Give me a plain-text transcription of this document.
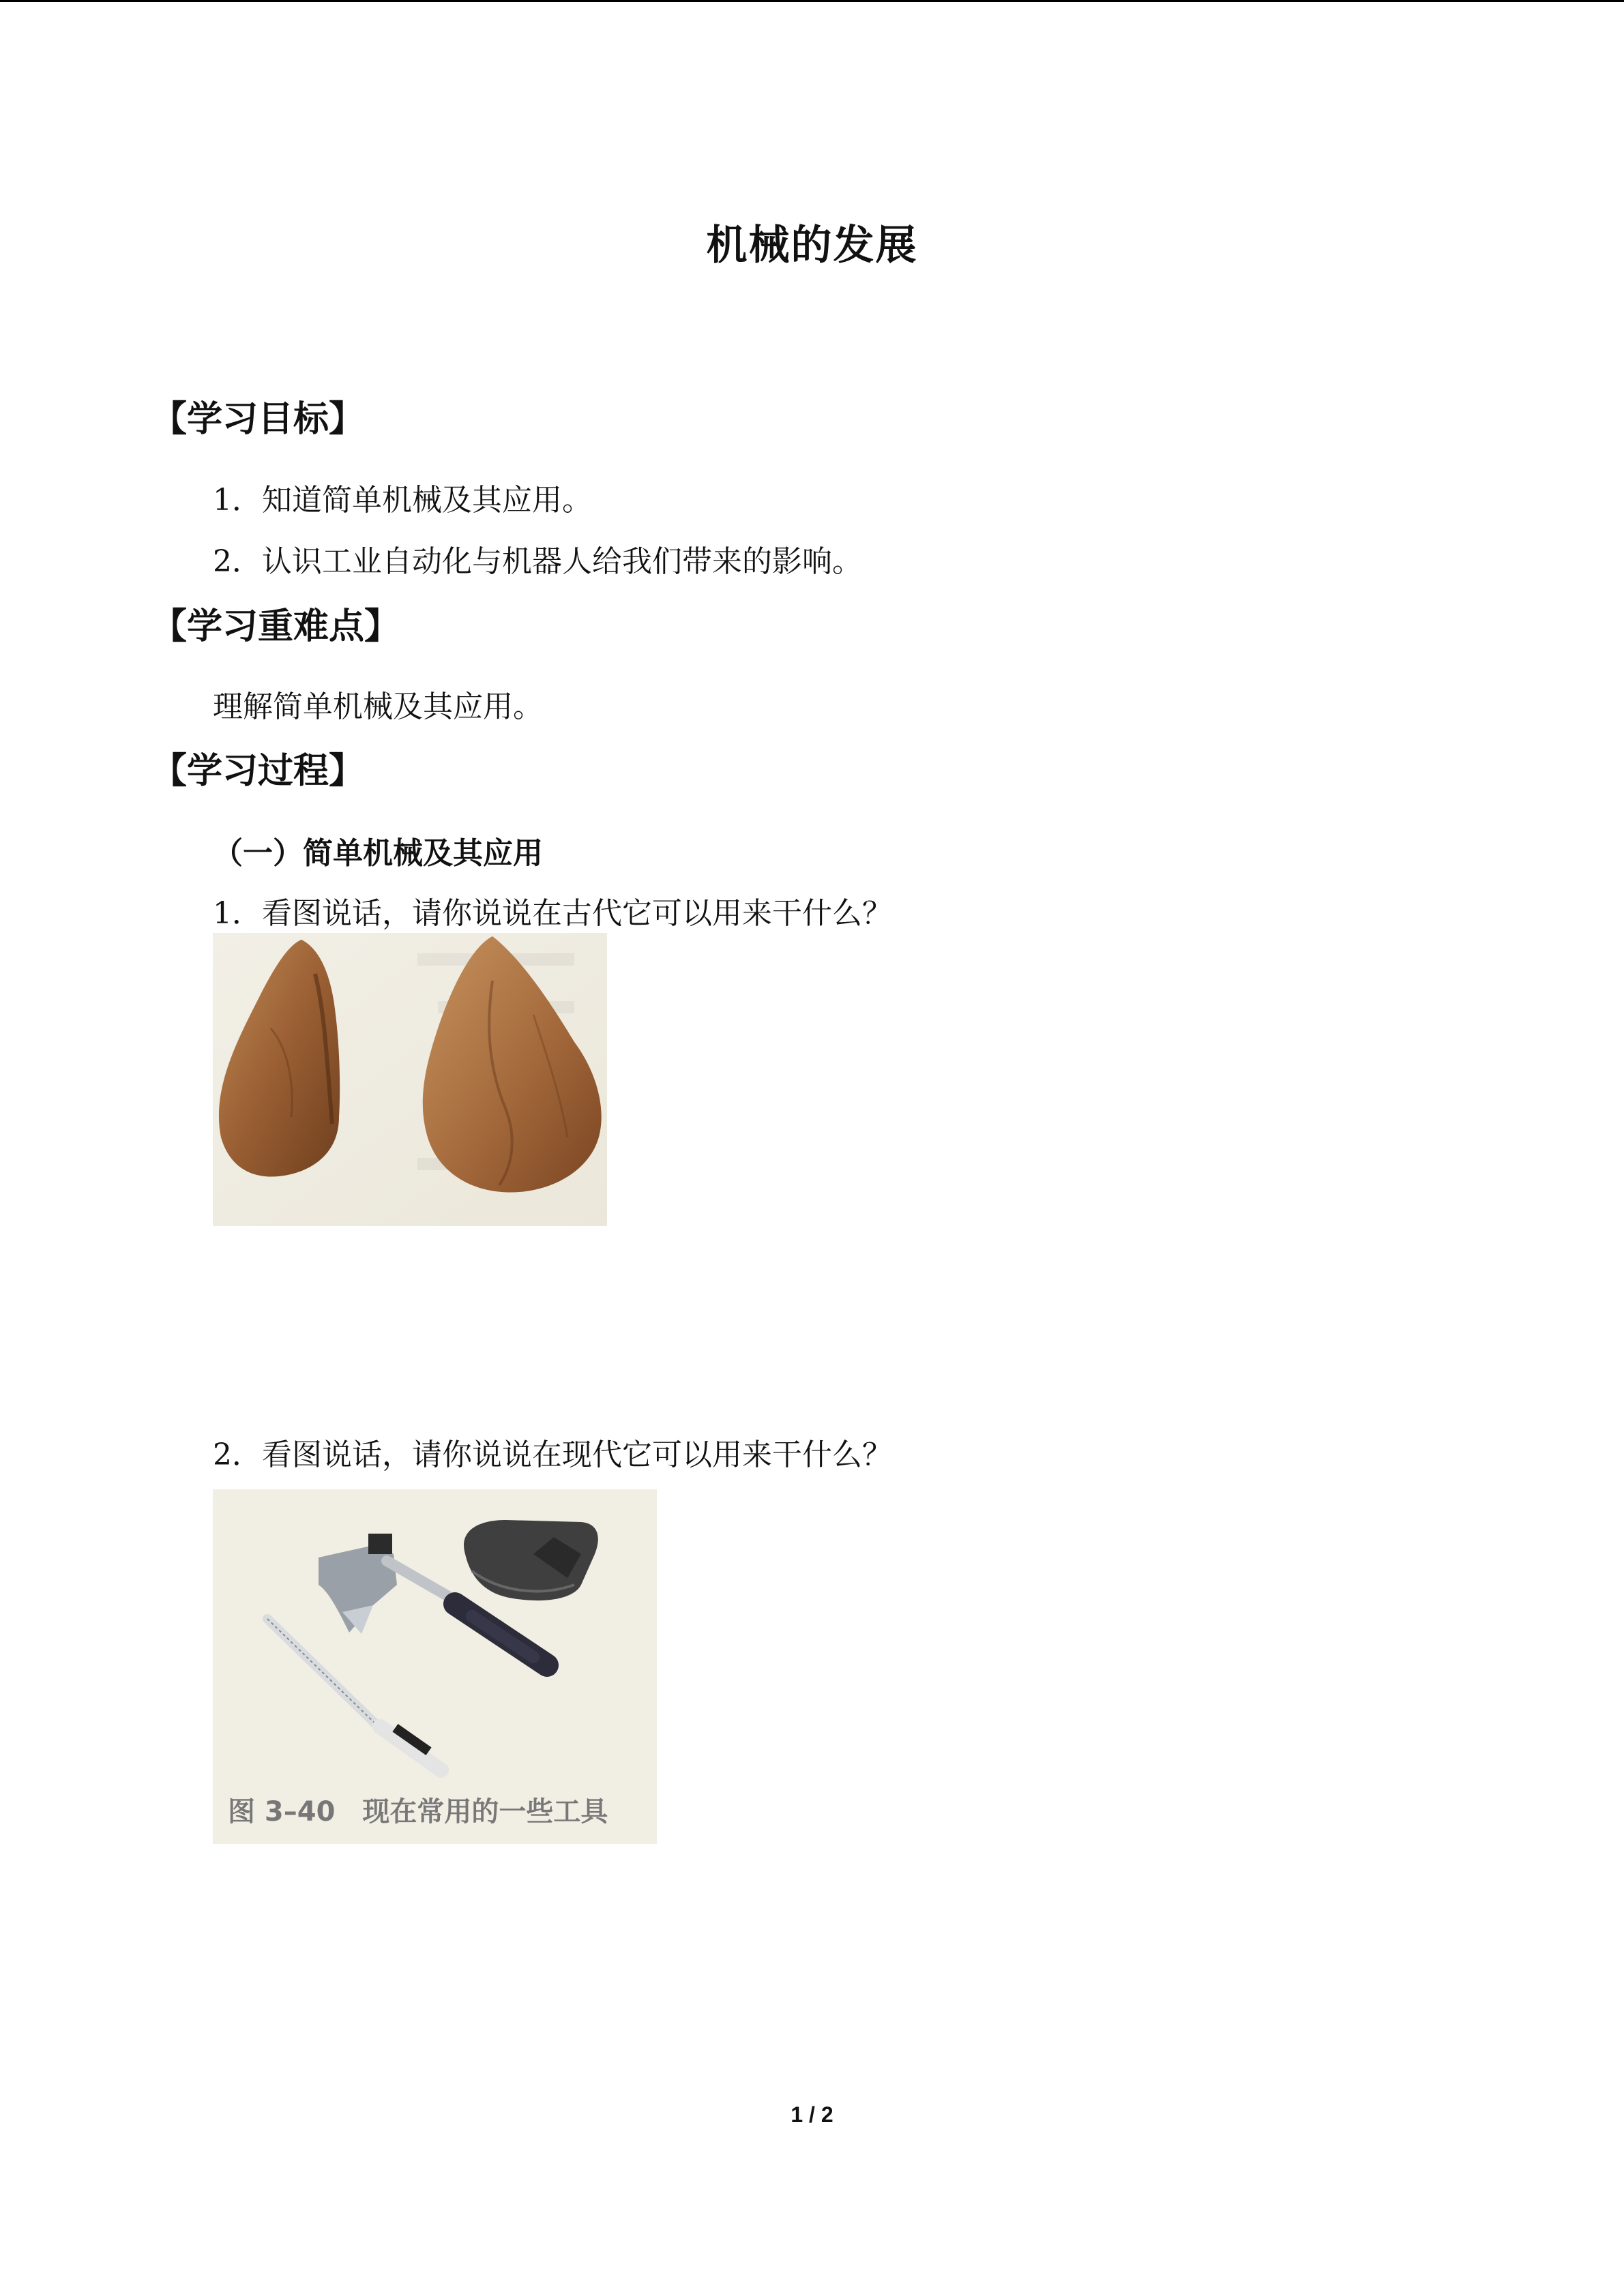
机械的发展
【学习目标】
1．知道简单机械及其应用。
2．认识工业自动化与机器人给我们带来的影响。
【学习重难点】
理解简单机械及其应用。
【学习过程】
（一）简单机械及其应用
1．看图说话，请你说说在古代它可以用来干什么？
2．看图说话，请你说说在现代它可以用来干什么？
图 3–40　现在常用的一些工具
1 / 2
